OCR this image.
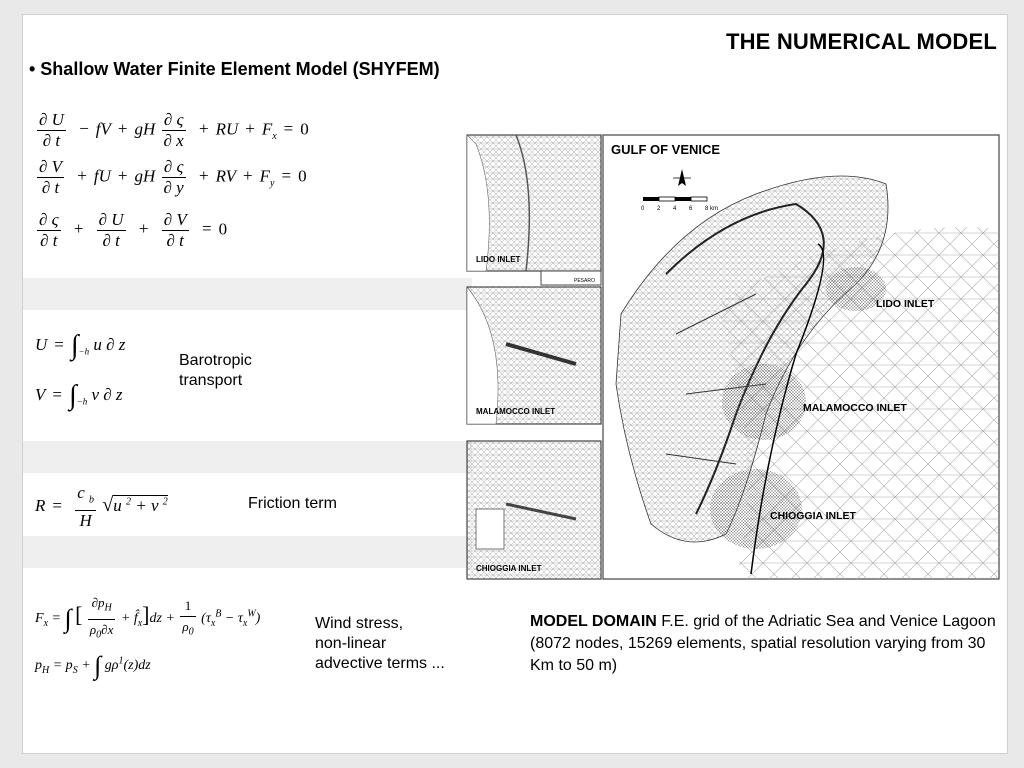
THE NUMERICAL MODEL
• Shallow Water Finite Element Model (SHYFEM)
$\frac{\partial U}{\partial t}$ − fV + gH $\frac{\partial \varsigma}{\partial x}$ + RU + $F_x = 0$
$\frac{\partial V}{\partial t}$ + fU + gH $\frac{\partial \varsigma}{\partial y}$ + RV + $F_y = 0$
$\frac{\partial \varsigma}{\partial t} + \frac{\partial U}{\partial t} + \frac{\partial V}{\partial t} = 0$
$U = \int_{-h}$ u ∂ z
$V = \int_{-h}$ v ∂ z
Barotropic
transport
$R = \frac{c _b}{H} √u$ $^2$ + v $^2$	Friction term
$F_x$ = ∫ [ $\frac{\partial p_H}{\rho_0\partial x}$ + $f̂_x]dz + \frac{1}{\rho_0} (\tau_x^B - \tau_x^W)$
$p_H = p_S$ + ∫ $g\rho^1(z)dz$
Wind stress,
non-linear
advective terms ...
LIDO INLET
PESARO
MALAMOCCO INLET
CHIOGGIA INLET
GULF OF VENICE
0 2 4 6 8 km
LIDO INLET
MALAMOCCO INLET
CHIOGGIA INLET
MODEL DOMAIN F.E. grid of the Adriatic Sea and Venice Lagoon (8072 nodes, 15269 elements, spatial resolution varying from 30 Km to 50 m)
